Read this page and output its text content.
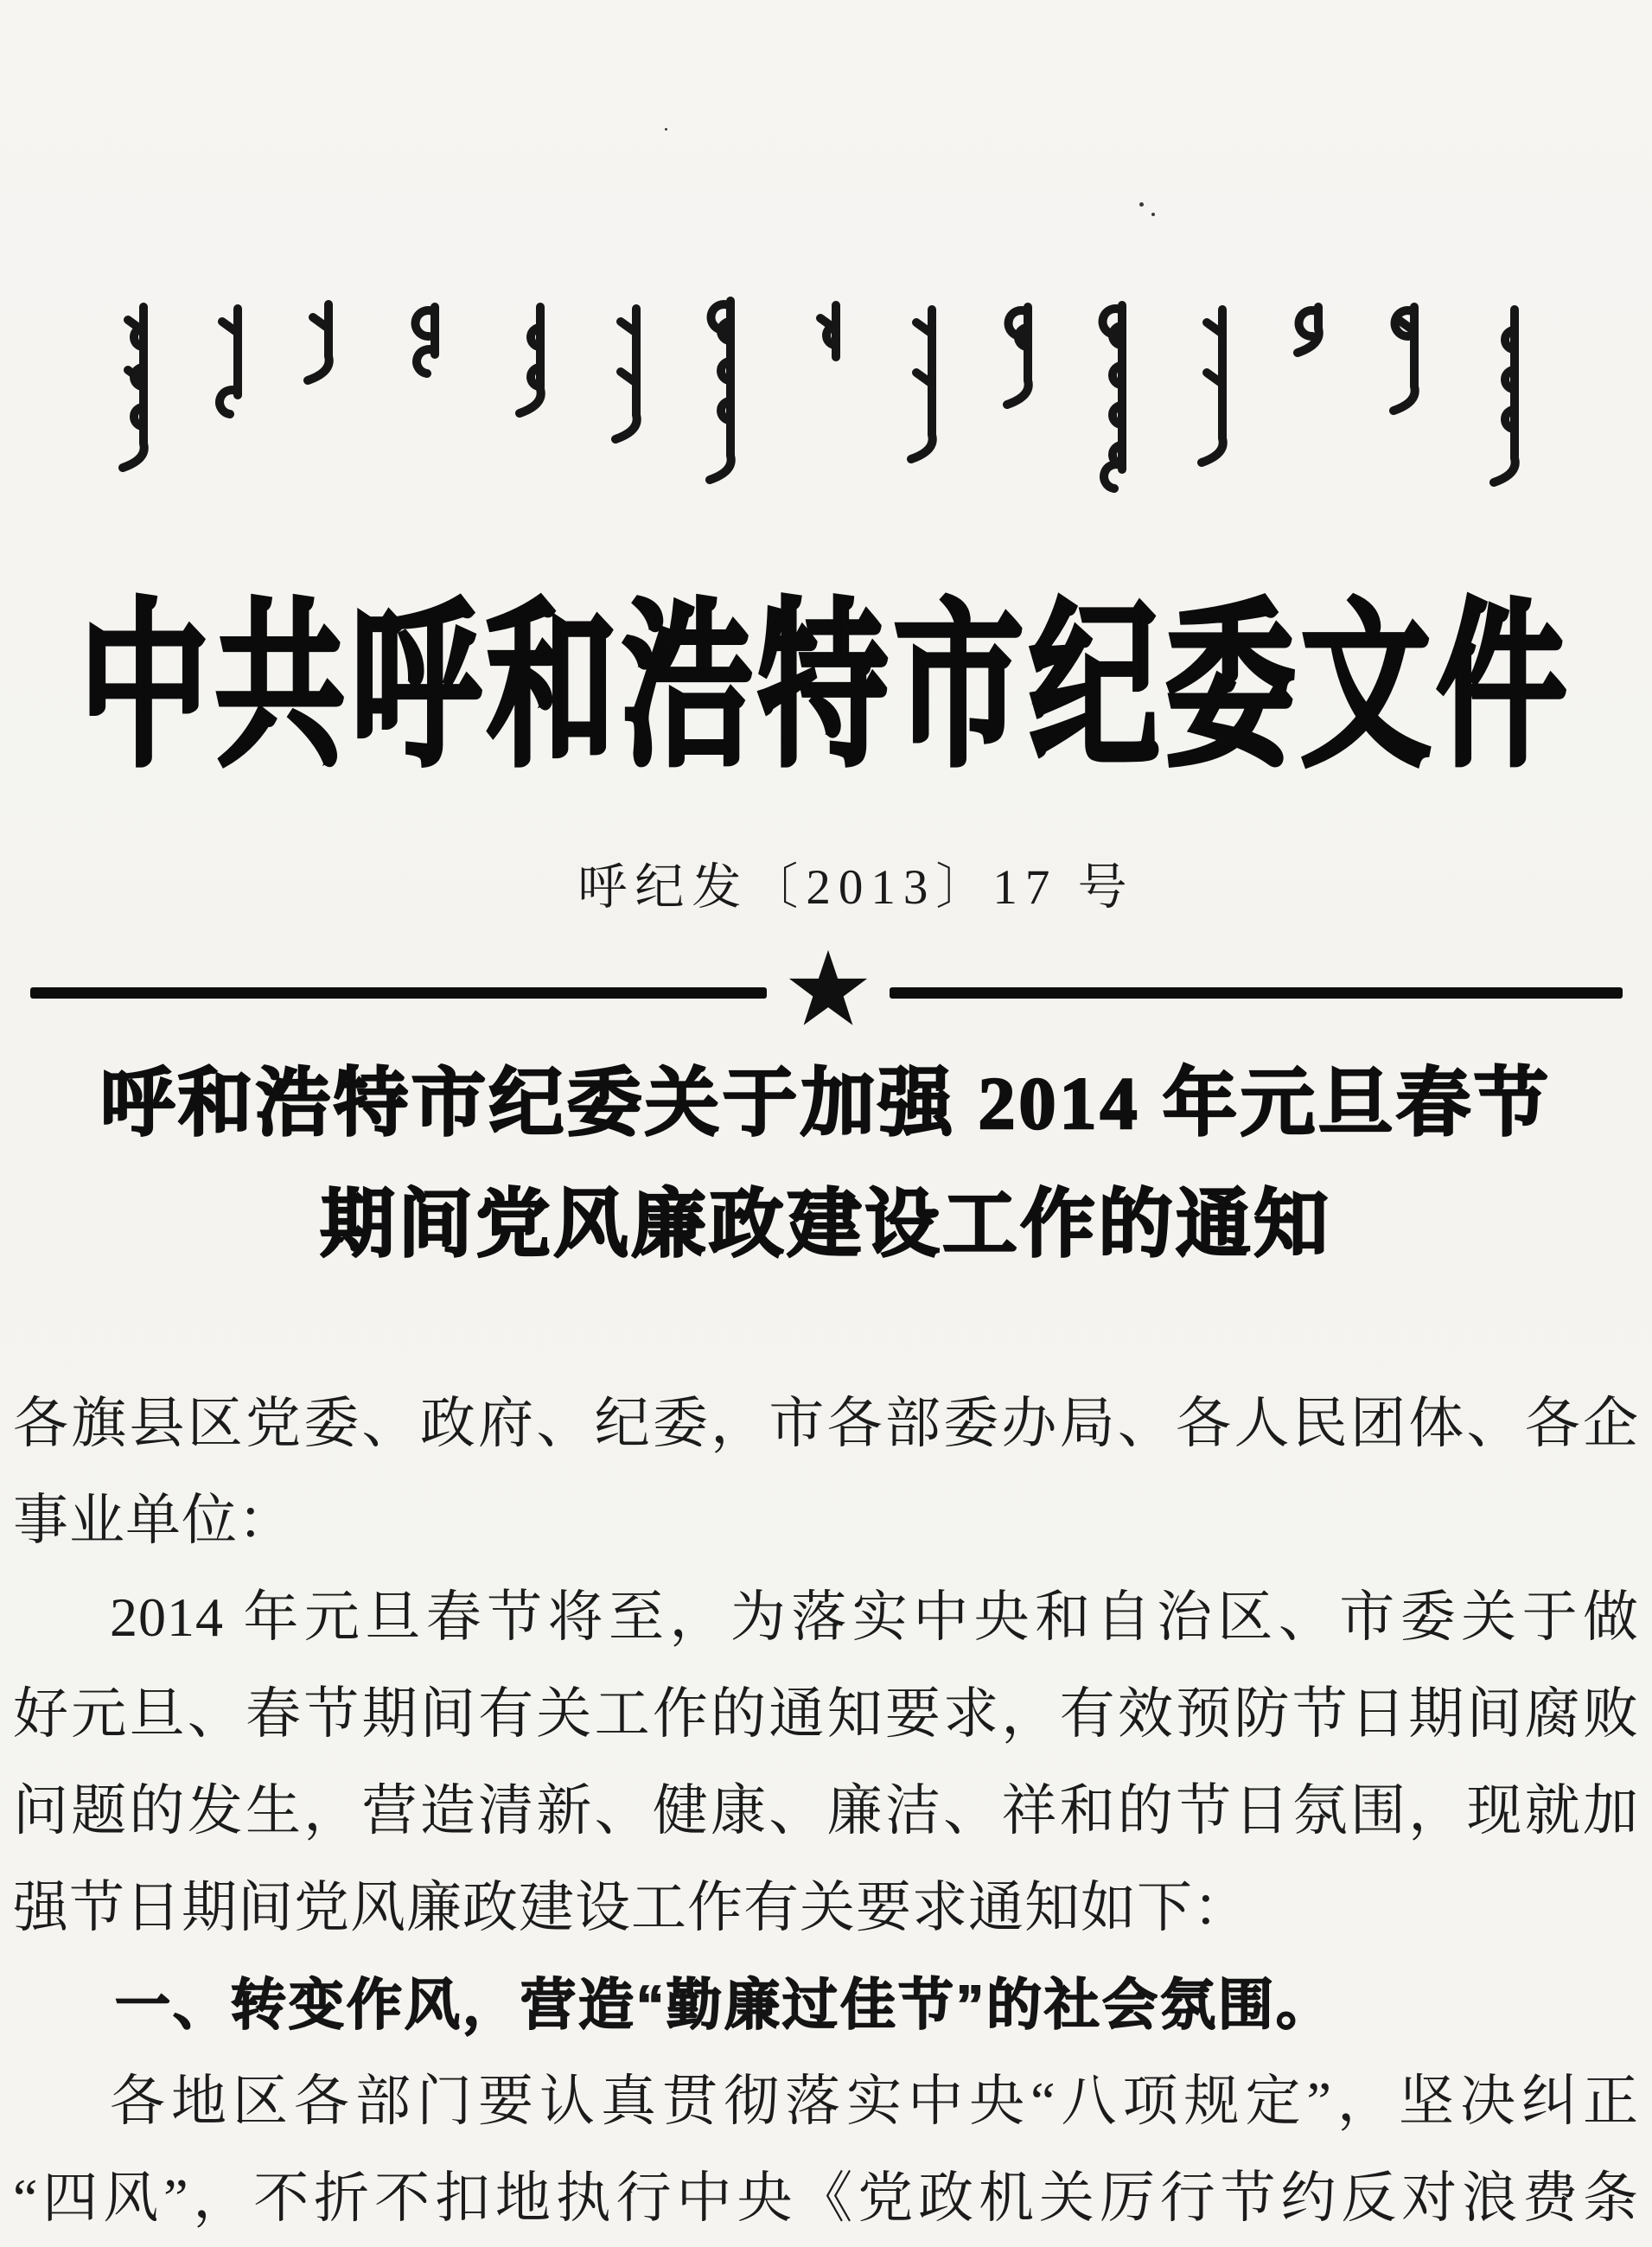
中共呼和浩特市纪委文件
呼纪发〔2013〕17 号
呼和浩特市纪委关于加强 2014 年元旦春节
期间党风廉政建设工作的通知
各旗县区党委、政府、纪委，市各部委办局、各人民团体、各企
事业单位：
2014 年元旦春节将至，为落实中央和自治区、市委关于做
好元旦、春节期间有关工作的通知要求，有效预防节日期间腐败
问题的发生，营造清新、健康、廉洁、祥和的节日氛围，现就加
强节日期间党风廉政建设工作有关要求通知如下：
一、转变作风，营造“勤廉过佳节”的社会氛围。
各地区各部门要认真贯彻落实中央“八项规定”，坚决纠正
“四风”，不折不扣地执行中央《党政机关厉行节约反对浪费条
